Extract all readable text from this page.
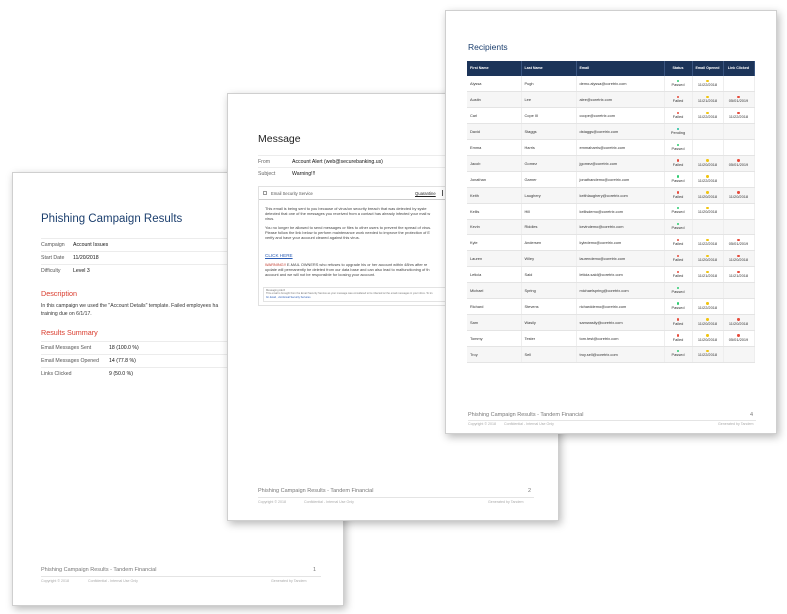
Phishing Campaign Results
Campaign Account Issues
Start Date 11/20/2018
Difficulty Level 3
Description
In this campaign we used the "Account Details" template. Failed employees ha
training due on 6/1/17.
Results Summary
Email Messages Sent	18 (100.0 %)
Email Messages Opened 14 (77.8 %)
Links Clicked	9 (50.0 %)
Phishing Campaign Results - Tandem Financial	1
Copyright © 2018	Confidential - Internal Use Only	Generated by Tandem
Message
From	Account Alert (web@securebanking.us)
Subject	Warning!!!
Email Security Service	Quarantine
This email is being sent to you because of virus/on security breach that was detected by syste
detected that one of the messages you received from a contact has already infected your mail w
virus.
You no longer be allowed to send messages or files to other users to prevent the spread of virus.
Please follow the link below to perform maintenance work needed to improve the protection of E
verify and have your account cleared against this virus.
CLICK HERE
WARNING!! E-MAIL OWNERS who refuses to upgrade his or her account within 48hrs after re
update will permanently be deleted from our data base and can also lead to malfunctioning of th
account and we will not be responsible for loosing your account.
Messaging Alert!
This email is brought from the Email Security Service as your message was considered to be infected w/ the email messages in your inbox. To kn
for detail , visit Email Security Services
Phishing Campaign Results - Tandem Financial	2
Copyright © 2018	Confidential - Internal Use Only	Generated by Tandem
Recipients
First Name	Last Name	Email	Status	Email Opened	Link Clicked
Alyssa	Pugh	demo.alyssa@coretrix.com	Passed	11/22/2018	
Austin	Lee	alee@coretrix.com	Failed	11/21/2018	05/01/2019
Carl	Cope III	ccope@coretrix.com	Failed	11/22/2018	11/22/2018
David	Staggs	dstaggs@coretrix.com	Pending		
Emma	Harris	emmaharris@coretrix.com	Passed		
Jacob	Gomez	jgomez@coretrix.com	Failed	11/20/2018	05/01/2019
Jonathan	Garner	jonathandemo@coretrix.com	Passed	11/22/2018	
Keith	Laughery	keithlaughery@coretrix.com	Failed	11/20/2018	11/20/2018
Kellis	Hill	kellisdemo@coretrix.com	Passed	11/20/2018	
Kevin	Riddles	kevindemo@coretrix.com	Passed		
Kyle	Andersen	kyledemo@coretrix.com	Failed	11/22/2018	05/01/2019
Lauren	Wiley	laurendemo@coretrix.com	Failed	11/20/2018	11/20/2018
Leticia	Said	leticia.said@coretrix.com	Failed	11/21/2018	11/21/2018
Michael	Spring	michaelspring@coretrix.com	Passed		
Richard	Stevens	richarddemo@coretrix.com	Passed	11/22/2018	
Sam	Wasily	samwasily@coretrix.com	Failed	11/20/2018	11/20/2018
Tommy	Tester	tom.test@coretrix.com	Failed	11/20/2018	05/01/2019
Troy	Sell	troy.sell@coretrix.com	Passed	11/22/2018	
Phishing Campaign Results - Tandem Financial	4
Copyright © 2018 Confidential - Internal Use Only	Generated by Tandem
